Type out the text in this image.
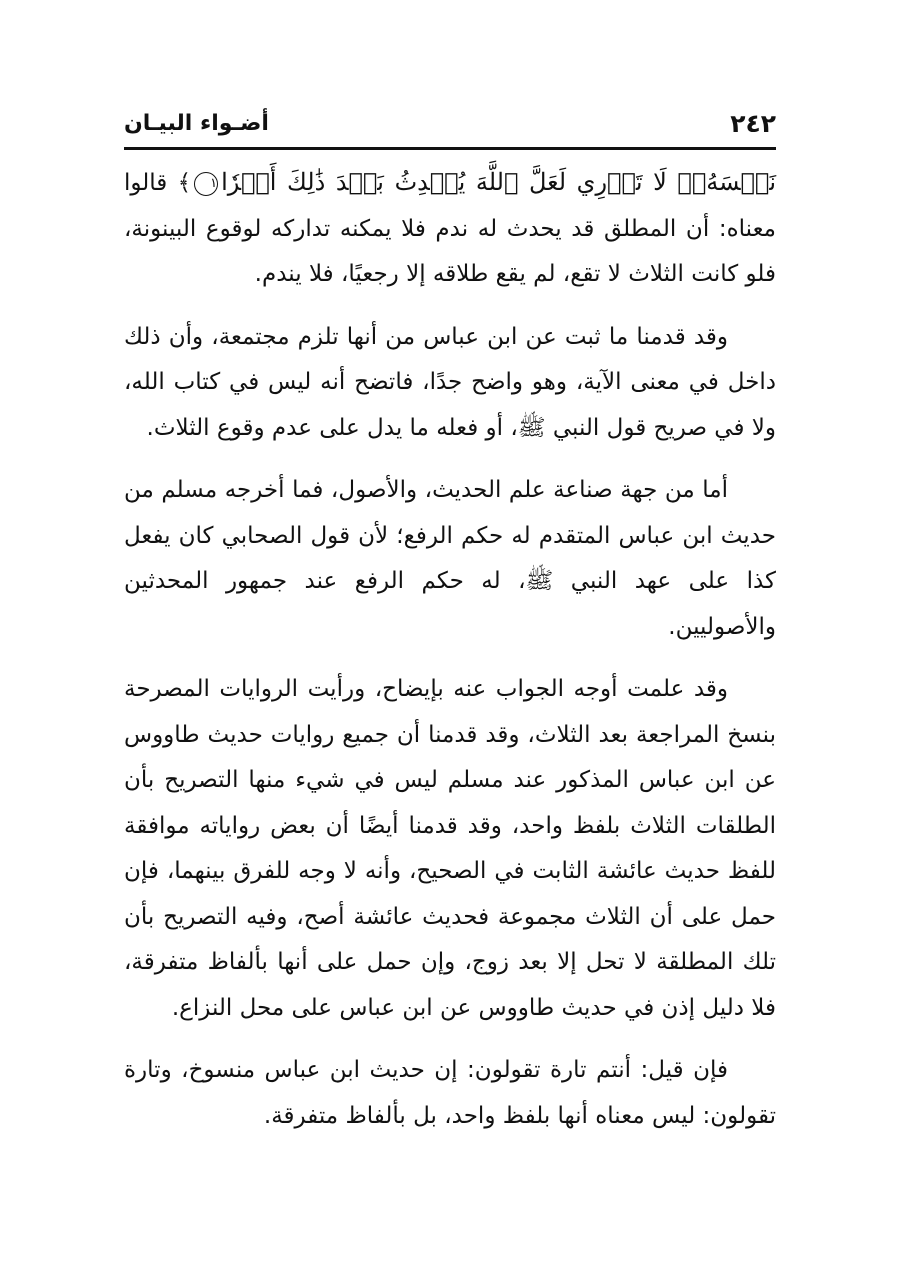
٢٤٢
أضـواء البيـان

نَفۡسَهُۥۚ لَا تَدۡرِي لَعَلَّ ٱللَّهَ يُحۡدِثُ بَعۡدَ ذَٰلِكَ أَمۡرٗا١﴾ قالوا معناه: أن المطلق قد يحدث له ندم فلا يمكنه تداركه لوقوع البينونة، فلو كانت الثلاث لا تقع، لم يقع طلاقه إلا رجعيًا، فلا يندم.

وقد قدمنا ما ثبت عن ابن عباس من أنها تلزم مجتمعة، وأن ذلك داخل في معنى الآية، وهو واضح جدًا، فاتضح أنه ليس في كتاب الله، ولا في صريح قول النبي ﷺ، أو فعله ما يدل على عدم وقوع الثلاث.

أما من جهة صناعة علم الحديث، والأصول، فما أخرجه مسلم من حديث ابن عباس المتقدم له حكم الرفع؛ لأن قول الصحابي كان يفعل كذا على عهد النبي ﷺ، له حكم الرفع عند جمهور المحدثين والأصوليين.

وقد علمت أوجه الجواب عنه بإيضاح، ورأيت الروايات المصرحة بنسخ المراجعة بعد الثلاث، وقد قدمنا أن جميع روايات حديث طاووس عن ابن عباس المذكور عند مسلم ليس في شيء منها التصريح بأن الطلقات الثلاث بلفظ واحد، وقد قدمنا أيضًا أن بعض رواياته موافقة للفظ حديث عائشة الثابت في الصحيح، وأنه لا وجه للفرق بينهما، فإن حمل على أن الثلاث مجموعة فحديث عائشة أصح، وفيه التصريح بأن تلك المطلقة لا تحل إلا بعد زوج، وإن حمل على أنها بألفاظ متفرقة، فلا دليل إذن في حديث طاووس عن ابن عباس على محل النزاع.

فإن قيل: أنتم تارة تقولون: إن حديث ابن عباس منسوخ، وتارة تقولون: ليس معناه أنها بلفظ واحد، بل بألفاظ متفرقة.
